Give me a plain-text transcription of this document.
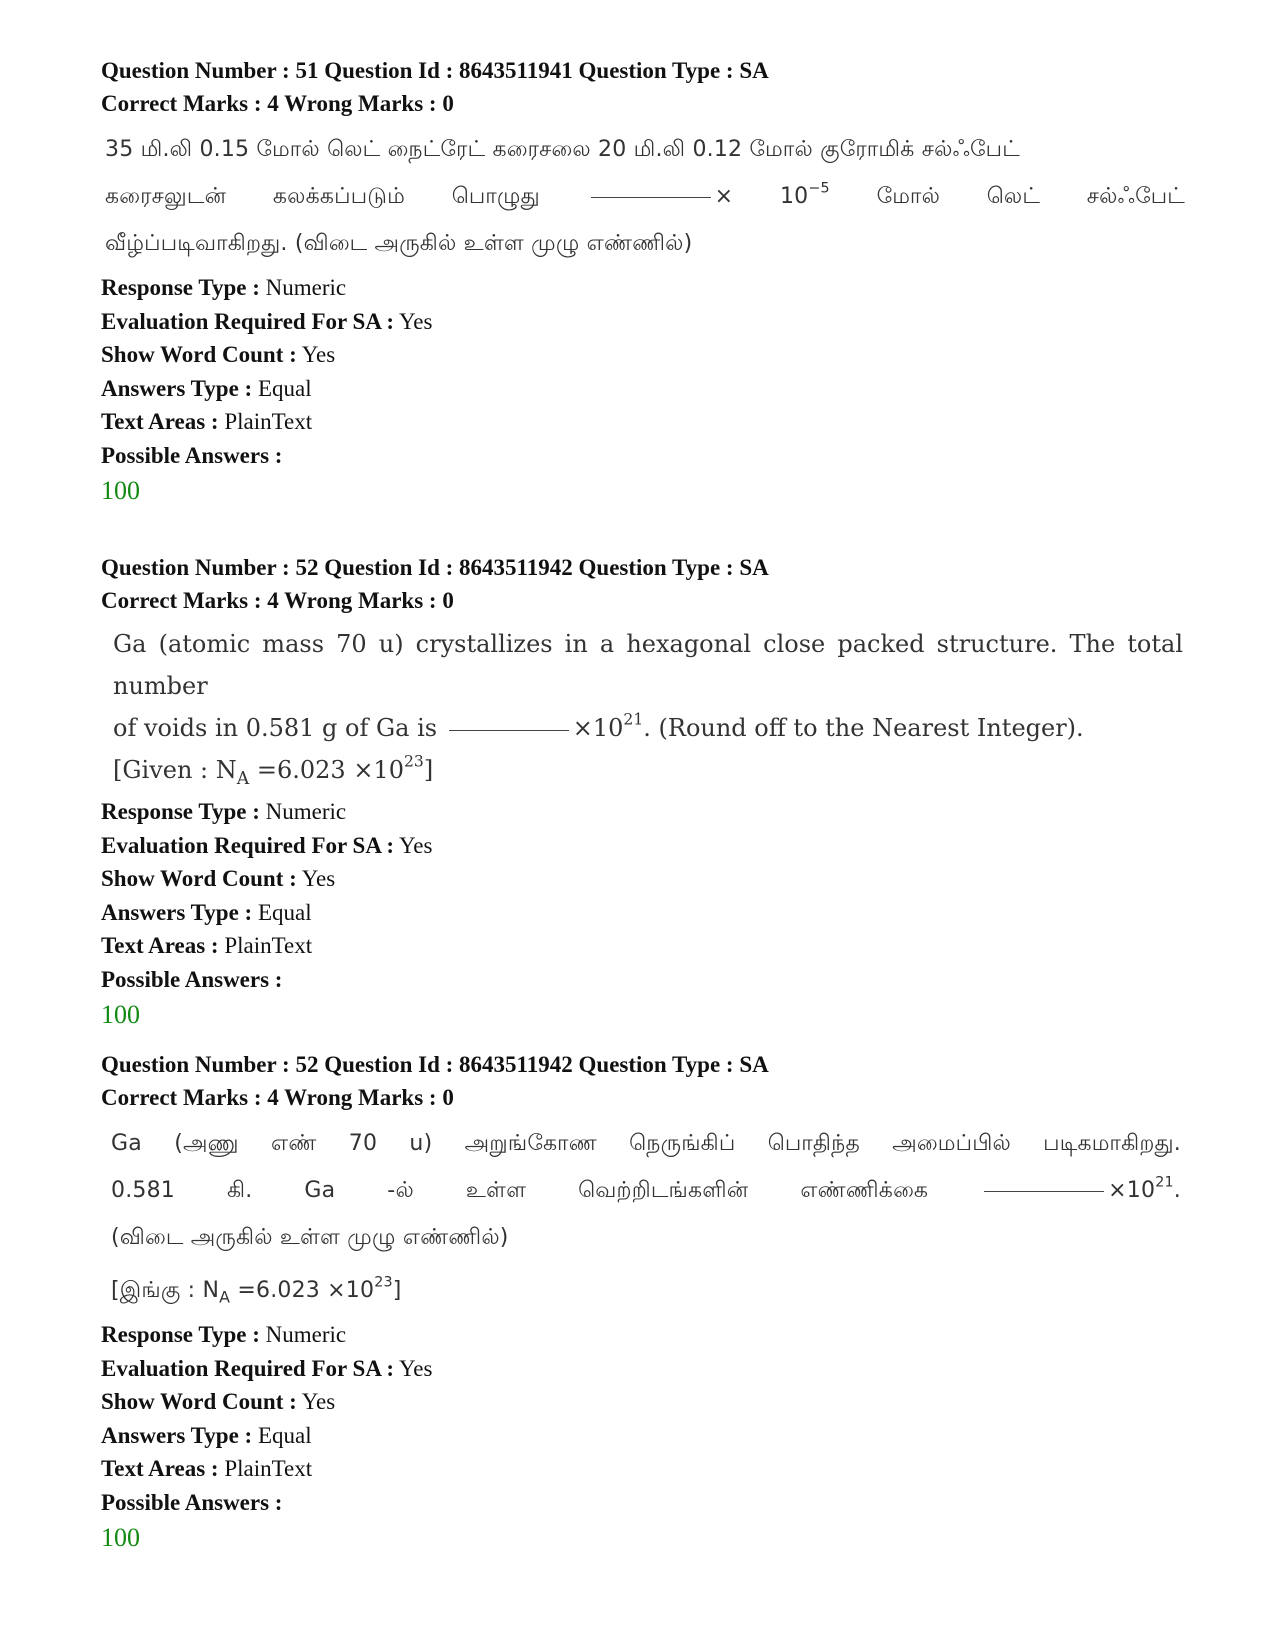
Question Number : 51 Question Id : 8643511941 Question Type : SA
Correct Marks : 4 Wrong Marks : 0
35 மி.லி 0.15 மோல் லெட் நைட்ரேட் கரைசலை 20 மி.லி 0.12 மோல் குரோமிக் சல்ஃபேட்
கரைசலுடன் கலக்கப்படும் பொழுது	× $10^{-5}$ மோல் லெட் சல்ஃபேட்
வீழ்ப்படிவாகிறது. (விடை அருகில் உள்ள முழு எண்ணில்)
Response Type : Numeric
Evaluation Required For SA : Yes
Show Word Count : Yes
Answers Type : Equal
Text Areas : PlainText
Possible Answers :
100
Question Number : 52 Question Id : 8643511942 Question Type : SA
Correct Marks : 4 Wrong Marks : 0
Ga (atomic mass 70 u) crystallizes in a hexagonal close packed structure. The total number
of voids in 0.581 g of Ga is	$\times 10^{21}$. (Round off to the Nearest Integer).
[Given : $N_A =6.023 \times 10^{23}$]
Response Type : Numeric
Evaluation Required For SA : Yes
Show Word Count : Yes
Answers Type : Equal
Text Areas : PlainText
Possible Answers :
100
Question Number : 52 Question Id : 8643511942 Question Type : SA
Correct Marks : 4 Wrong Marks : 0
Ga (அணு எண் 70 u) அறுங்கோண நெருங்கிப் பொதிந்த அமைப்பில் படிகமாகிறது.
0.581 கி. Ga -ல் உள்ள வெற்றிடங்களின் எண்ணிக்கை	$\times 10^{21}$.
(விடை அருகில் உள்ள முழு எண்ணில்)
[இங்கு : $N_A =6.023 \times 10^{23}$]
Response Type : Numeric
Evaluation Required For SA : Yes
Show Word Count : Yes
Answers Type : Equal
Text Areas : PlainText
Possible Answers :
100
